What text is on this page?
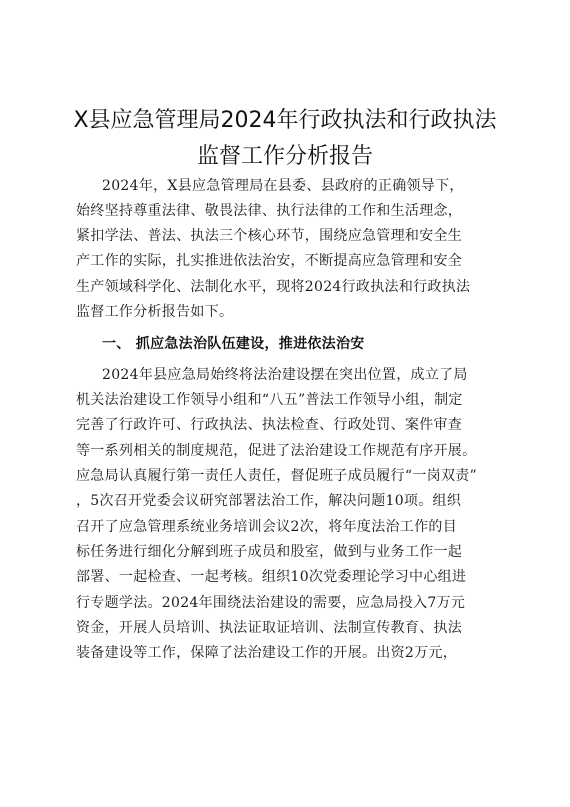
X县应急管理局2024年行政执法和行政执法
监督工作分析报告
2024年，X县应急管理局在县委、县政府的正确领导下，
始终坚持尊重法律、敬畏法律、执行法律的工作和生活理念，
紧扣学法、普法、执法三个核心环节，围绕应急管理和安全生
产工作的实际，扎实推进依法治安，不断提高应急管理和安全
生产领域科学化、法制化水平，现将2024行政执法和行政执法
监督工作分析报告如下。
一、 抓应急法治队伍建设，推进依法治安
2024年县应急局始终将法治建设摆在突出位置，成立了局
机关法治建设工作领导小组和“八五”普法工作领导小组，制定
完善了行政许可、行政执法、执法检查、行政处罚、案件审查
等一系列相关的制度规范，促进了法治建设工作规范有序开展。
应急局认真履行第一责任人责任，督促班子成员履行“一岗双责”
，5次召开党委会议研究部署法治工作，解决问题10项。组织
召开了应急管理系统业务培训会议2次，将年度法治工作的目
标任务进行细化分解到班子成员和股室，做到与业务工作一起
部署、一起检查、一起考核。组织10次党委理论学习中心组进
行专题学法。2024年围绕法治建设的需要，应急局投入7万元
资金，开展人员培训、执法证取证培训、法制宣传教育、执法
装备建设等工作，保障了法治建设工作的开展。出资2万元，
